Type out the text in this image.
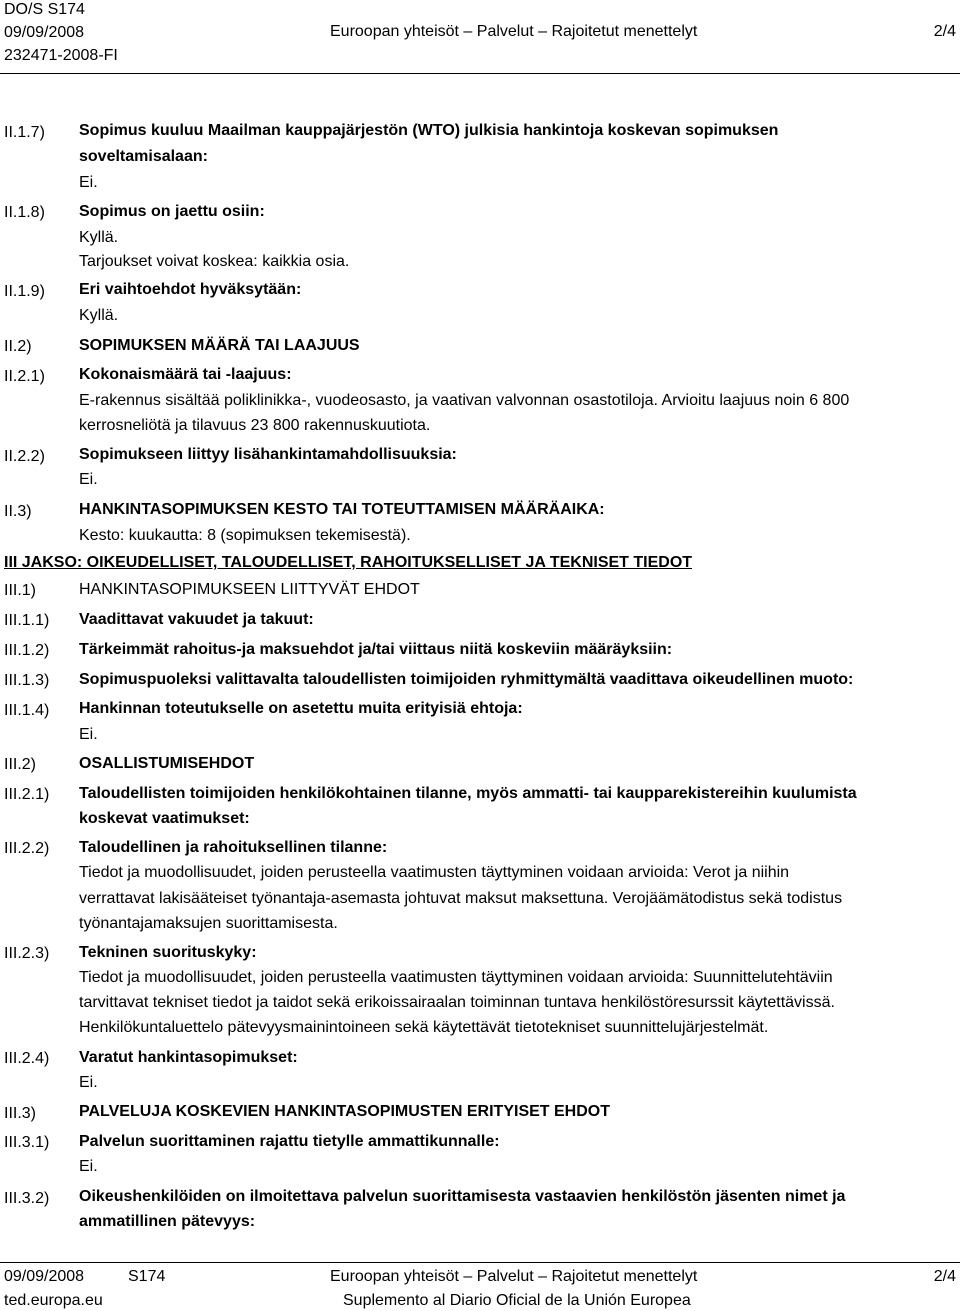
DO/S S174
09/09/2008
232471-2008-FI
Euroopan yhteisöt – Palvelut – Rajoitetut menettelyt	2/4
II.1.7) Sopimus kuuluu Maailman kauppajärjestön (WTO) julkisia hankintoja koskevan sopimuksen
soveltamisalaan:
Ei.
II.1.8) Sopimus on jaettu osiin:
Kyllä.
Tarjoukset voivat koskea: kaikkia osia.
II.1.9) Eri vaihtoehdot hyväksytään:
Kyllä.
II.2)	SOPIMUKSEN MÄÄRÄ TAI LAAJUUS
II.2.1) Kokonaismäärä tai -laajuus:
E-rakennus sisältää poliklinikka-, vuodeosasto, ja vaativan valvonnan osastotiloja. Arvioitu laajuus noin 6 800
kerrosneliötä ja tilavuus 23 800 rakennuskuutiota.
II.2.2) Sopimukseen liittyy lisähankintamahdollisuuksia:
Ei.
II.3)	HANKINTASOPIMUKSEN KESTO TAI TOTEUTTAMISEN MÄÄRÄAIKA:
Kesto: kuukautta: 8 (sopimuksen tekemisestä).
III JAKSO: OIKEUDELLISET, TALOUDELLISET, RAHOITUKSELLISET JA TEKNISET TIEDOT
III.1)	HANKINTASOPIMUKSEEN LIITTYVÄT EHDOT
III.1.1) Vaadittavat vakuudet ja takuut:
III.1.2) Tärkeimmät rahoitus-ja maksuehdot ja/tai viittaus niitä koskeviin määräyksiin:
III.1.3) Sopimuspuoleksi valittavalta taloudellisten toimijoiden ryhmittymältä vaadittava oikeudellinen muoto:
III.1.4) Hankinnan toteutukselle on asetettu muita erityisiä ehtoja:
Ei.
III.2)	OSALLISTUMISEHDOT
III.2.1) Taloudellisten toimijoiden henkilökohtainen tilanne, myös ammatti- tai kaupparekistereihin kuulumista
koskevat vaatimukset:
III.2.2) Taloudellinen ja rahoituksellinen tilanne:
Tiedot ja muodollisuudet, joiden perusteella vaatimusten täyttyminen voidaan arvioida: Verot ja niihin
verrattavat lakisääteiset työnantaja-asemasta johtuvat maksut maksettuna. Verojäämätodistus sekä todistus
työnantajamaksujen suorittamisesta.
III.2.3) Tekninen suorituskyky:
Tiedot ja muodollisuudet, joiden perusteella vaatimusten täyttyminen voidaan arvioida: Suunnittelutehtäviin
tarvittavat tekniset tiedot ja taidot sekä erikoissairaalan toiminnan tuntava henkilöstöresurssit käytettävissä.
Henkilökuntaluettelo pätevyysmainintoineen sekä käytettävät tietotekniset suunnittelujärjestelmät.
III.2.4) Varatut hankintasopimukset:
Ei.
III.3)	PALVELUJA KOSKEVIEN HANKINTASOPIMUSTEN ERITYISET EHDOT
III.3.1) Palvelun suorittaminen rajattu tietylle ammattikunnalle:
Ei.
III.3.2) Oikeushenkilöiden on ilmoitettava palvelun suorittamisesta vastaavien henkilöstön jäsenten nimet ja
ammatillinen pätevyys:
09/09/2008	S174
ted.europa.eu
Euroopan yhteisöt – Palvelut – Rajoitetut menettelyt
Suplemento al Diario Oficial de la Unión Europea
2/4
